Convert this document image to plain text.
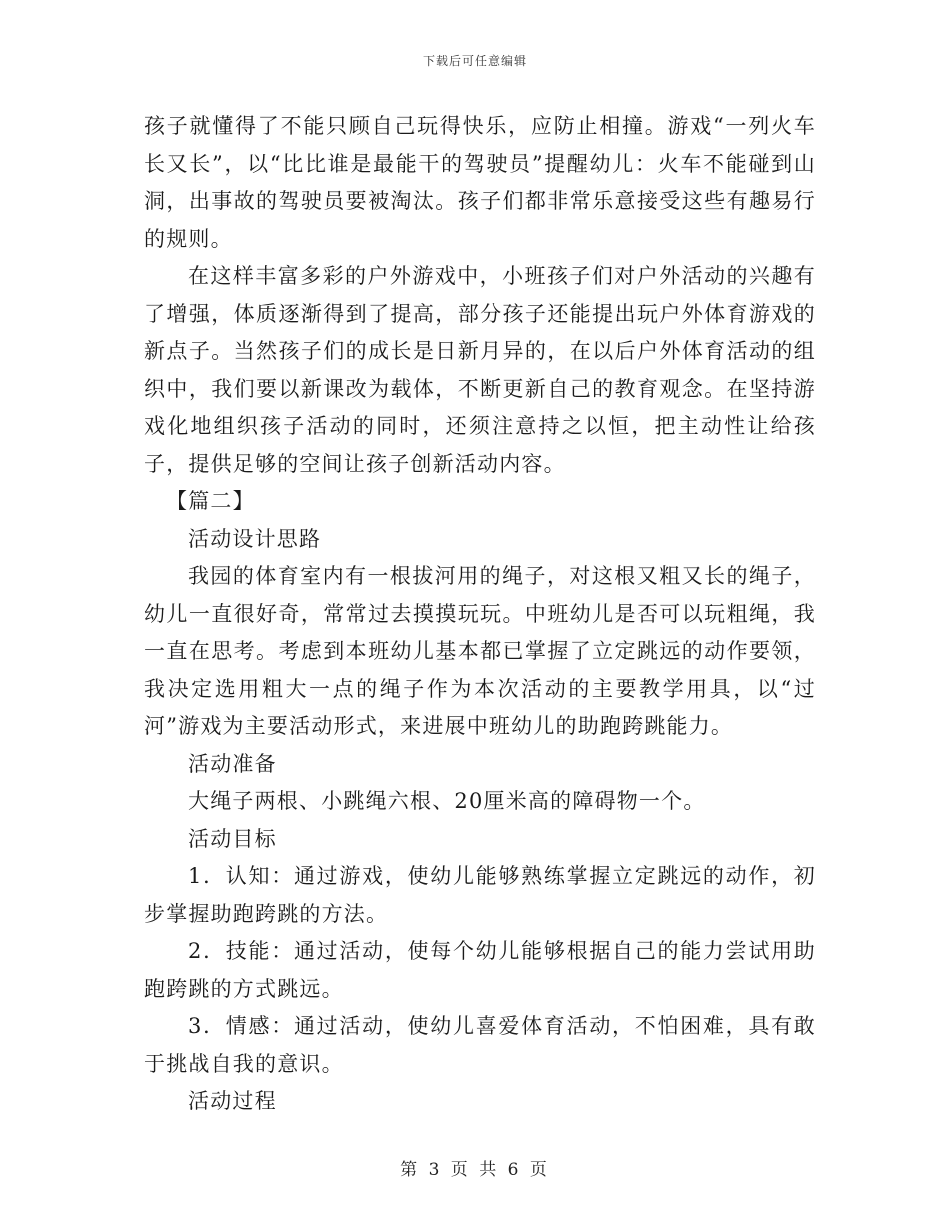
下载后可任意编辑

孩子就懂得了不能只顾自己玩得快乐，应防止相撞。游戏“一列火车长又长”，以“比比谁是最能干的驾驶员”提醒幼儿：火车不能碰到山洞，出事故的驾驶员要被淘汰。孩子们都非常乐意接受这些有趣易行的规则。

在这样丰富多彩的户外游戏中，小班孩子们对户外活动的兴趣有了增强，体质逐渐得到了提高，部分孩子还能提出玩户外体育游戏的新点子。当然孩子们的成长是日新月异的，在以后户外体育活动的组织中，我们要以新课改为载体，不断更新自己的教育观念。在坚持游戏化地组织孩子活动的同时，还须注意持之以恒，把主动性让给孩子，提供足够的空间让孩子创新活动内容。

【篇二】

活动设计思路

我园的体育室内有一根拔河用的绳子，对这根又粗又长的绳子，幼儿一直很好奇，常常过去摸摸玩玩。中班幼儿是否可以玩粗绳，我一直在思考。考虑到本班幼儿基本都已掌握了立定跳远的动作要领，我决定选用粗大一点的绳子作为本次活动的主要教学用具，以“过河”游戏为主要活动形式，来进展中班幼儿的助跑跨跳能力。

活动准备

大绳子两根、小跳绳六根、20厘米高的障碍物一个。

活动目标

1．认知：通过游戏，使幼儿能够熟练掌握立定跳远的动作，初步掌握助跑跨跳的方法。

2．技能：通过活动，使每个幼儿能够根据自己的能力尝试用助跑跨跳的方式跳远。

3．情感：通过活动，使幼儿喜爱体育活动，不怕困难，具有敢于挑战自我的意识。

活动过程

第 3 页 共 6 页
